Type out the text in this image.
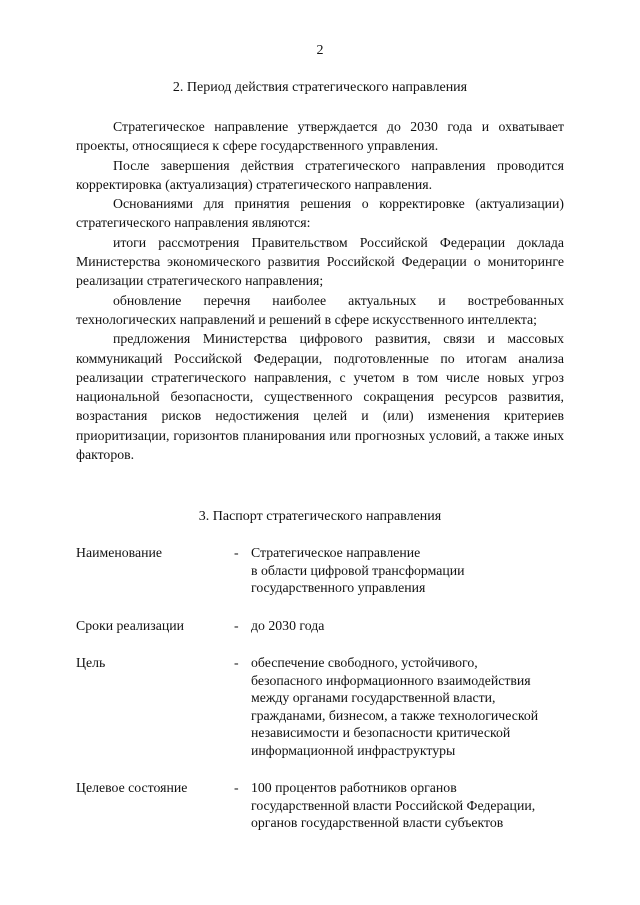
2
2. Период действия стратегического направления

Стратегическое направление утверждается до 2030 года и охватывает проекты, относящиеся к сфере государственного управления.

После завершения действия стратегического направления проводится корректировка (актуализация) стратегического направления.

Основаниями для принятия решения о корректировке (актуализации) стратегического направления являются:

итоги рассмотрения Правительством Российской Федерации доклада Министерства экономического развития Российской Федерации о мониторинге реализации стратегического направления;

обновление перечня наиболее актуальных и востребованных технологических направлений и решений в сфере искусственного интеллекта;

предложения Министерства цифрового развития, связи и массовых коммуникаций Российской Федерации, подготовленные по итогам анализа реализации стратегического направления, с учетом в том числе новых угроз национальной безопасности, существенного сокращения ресурсов развития, возрастания рисков недостижения целей и (или) изменения критериев приоритизации, горизонтов планирования или прогнозных условий, а также иных факторов.

3. Паспорт стратегического направления
Наименование	- Стратегическое направление
в области цифровой трансформации
государственного управления
Сроки реализации	- до 2030 года
Цель	- обеспечение свободного, устойчивого,
безопасного информационного взаимодействия
между органами государственной власти,
гражданами, бизнесом, а также технологической
независимости и безопасности критической
информационной инфраструктуры
Целевое состояние	- 100 процентов работников органов
государственной власти Российской Федерации,
органов государственной власти субъектов
